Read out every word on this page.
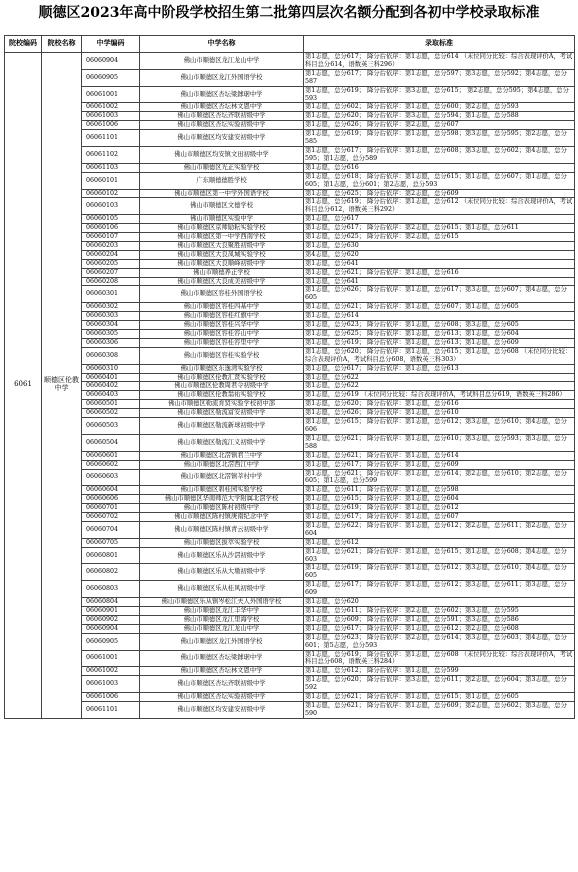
顺德区2023年高中阶段学校招生第二批第四层次名额分配到各初中学校录取标准
院校编码	院校名称	中学编码	中学名称	录取标准
6061	顺德区伦教中学	06060904	佛山市顺德区龙江龙山中学	第1志愿，总分617； 降分后依序：第1志愿，总分614 （末位同分比较：综合表现评价A，考试科目总分614，语数英三科296）
		06060905	佛山市顺德区龙江外国语学校	第1志愿，总分617； 降分后依序：第1志愿，总分597；第3志愿，总分592；第4志愿，总分587
		06061001	佛山市顺德区杏坛梁銶琚中学	第1志愿，总分619； 降分后依序：第3志愿，总分615； 第2志愿，总分595；第4志愿，总分593
		06061002	佛山市顺德区杏坛林文恩中学	第1志愿，总分602； 降分后依序：第1志愿，总分600；第2志愿，总分593
		06061003	佛山市顺德区杏坛齐联初级中学	第1志愿，总分620； 降分后依序：第3志愿，总分594；第1志愿，总分588
		06061006	佛山市顺德区杏坛实验初级中学	第1志愿，总分626； 降分后依序：第2志愿，总分607
		06061101	佛山市顺德区均安建安初级中学	第1志愿，总分619； 降分后依序：第1志愿，总分598；第3志愿，总分595；第2志愿，总分585
		06061102	佛山市顺德区均安镇文田初级中学	第1志愿，总分617； 降分后依序：第1志愿，总分608；第3志愿，总分602；第4志愿，总分595；第1志愿，总分589
		06061103	佛山市顺德区光正实验学校	第1志愿，总分616
		06060101	广东顺德德胜学校	第1志愿，总分618； 降分后依序：第1志愿，总分615；第1志愿，总分607；第1志愿，总分605；第1志愿，总分601；第2志愿，总分593
		06060102	佛山市顺德区第一中学外国语学校	第1志愿，总分625； 降分后依序：第2志愿，总分609
		06060103	佛山市顺德区文德学校	第1志愿，总分619； 降分后依序：第1志愿，总分612 （末位同分比较：综合表现评价A，考试科目总分612，语数英三科292）
		06060105	佛山市顺德区实验中学	第1志愿，总分617
		06060106	佛山市顺德区京师励耘实验学校	第1志愿，总分617； 降分后依序：第2志愿，总分615；第1志愿，总分611
		06060107	佛山市顺德区第一中学西南学校	第1志愿，总分625； 降分后依序：第2志愿，总分615
		06060203	佛山市顺德区大良聚胜初级中学	第1志愿，总分630
		06060204	佛山市顺德区大良凤城实验学校	第4志愿，总分620
		06060205	佛山市顺德区大良顺峰初级中学	第1志愿，总分641
		06060207	佛山市顺德养正学校	第1志愿，总分621； 降分后依序：第1志愿，总分616
		06060208	佛山市顺德区大良成美初级中学	第1志愿，总分641
		06060301	佛山市顺德区容桂外国语学校	第1志愿，总分626； 降分后依序：第1志愿，总分617；第3志愿，总分607；第4志愿，总分605
		06060302	佛山市顺德区容桂四基中学	第1志愿，总分621； 降分后依序：第1志愿，总分607；第1志愿，总分605
		06060303	佛山市顺德区容桂红旗中学	第1志愿，总分614
		06060304	佛山市顺德区容桂兴华中学	第1志愿，总分623； 降分后依序：第1志愿，总分608；第3志愿，总分605
		06060305	佛山市顺德区容桂容山中学	第1志愿，总分625； 降分后依序：第1志愿，总分613；第1志愿，总分604
		06060306	佛山市顺德区容桂容里中学	第1志愿，总分619； 降分后依序：第1志愿，总分613；第1志愿，总分609
		06060308	佛山市顺德区容桂实验学校	第1志愿，总分620； 降分后依序：第1志愿，总分615；第1志愿，总分608 （末位同分比较：综合表现评价A，考试科目总分608，语数英三科303）
		06060310	佛山市顺德区东逸湾实验学校	第1志愿，总分617； 降分后依序：第1志愿，总分613
		06060401	佛山市顺德区伦教汇贤实验学校	第1志愿，总分622
		06060402	佛山市顺德区伦教周君令初级中学	第1志愿，总分622
		06060403	佛山市顺德区伦教翁祐实验学校	第1志愿，总分619 （末位同分比较：综合表现评价A，考试科目总分619，语数英三科286）
		06060501	佛山市顺德区勒流育贤实验学校初中部	第1志愿，总分620； 降分后依序：第1志愿，总分616
		06060502	佛山市顺德区勒流富安初级中学	第1志愿，总分626； 降分后依序：第1志愿，总分610
		06060503	佛山市顺德区勒流新球初级中学	第1志愿，总分615； 降分后依序：第1志愿，总分612；第3志愿，总分610；第4志愿，总分606
		06060504	佛山市顺德区勒流江义初级中学	第1志愿，总分621； 降分后依序：第1志愿，总分610；第3志愿，总分593；第3志愿，总分588
		06060601	佛山市顺德区北滘镇君兰中学	第1志愿，总分621； 降分后依序：第1志愿，总分614
		06060602	佛山市顺德区北滘西江中学	第1志愿，总分617； 降分后依序：第1志愿，总分609
		06060603	佛山市顺德区北滘镇莘村中学	第1志愿，总分621； 降分后依序：第1志愿，总分614；第2志愿，总分610；第2志愿，总分605；第1志愿，总分599
		06060604	佛山市顺德区碧桂园实验学校	第1志愿，总分611； 降分后依序：第1志愿，总分598
		06060606	佛山市顺德区华南师范大学附属北滘学校	第1志愿，总分615； 降分后依序：第1志愿，总分604
		06060701	佛山市顺德区陈村初级中学	第1志愿，总分619； 降分后依序：第1志愿，总分612
		06060702	佛山市顺德区陈村镇庚南纪念中学	第1志愿，总分617； 降分后依序：第1志愿，总分607
		06060704	佛山市顺德区陈村镇青云初级中学	第1志愿，总分622； 降分后依序：第1志愿，总分612；第2志愿，总分611；第2志愿，总分604
		06060705	佛山市顺德区拔萃实验学校	第1志愿，总分612
		06060801	佛山市顺德区乐从沙滘初级中学	第1志愿，总分621； 降分后依序：第1志愿，总分615；第1志愿，总分608；第4志愿，总分603
		06060802	佛山市顺德区乐从大墩初级中学	第1志愿，总分619； 降分后依序：第1志愿，总分612；第3志愿，总分610；第4志愿，总分605
		06060803	佛山市顺德区乐从桂风初级中学	第1志愿，总分617； 降分后依序：第1志愿，总分612；第3志愿，总分611；第3志愿，总分609
		06060804	佛山市顺德区乐从镇岑松江夫人外国语学校	第1志愿，总分620
		06060901	佛山市顺德区龙江丰华中学	第1志愿，总分611； 降分后依序：第2志愿，总分602；第3志愿，总分595
		06060902	佛山市顺德区龙江里海学校	第1志愿，总分609； 降分后依序：第1志愿，总分591；第3志愿，总分586
		06060904	佛山市顺德区龙江龙山中学	第1志愿，总分617； 降分后依序：第1志愿，总分612；第2志愿，总分608
		06060905	佛山市顺德区龙江外国语学校	第1志愿，总分623； 降分后依序：第2志愿，总分614；第3志愿，总分603；第4志愿，总分601；第5志愿，总分593
		06061001	佛山市顺德区杏坛梁銶琚中学	第1志愿，总分619； 降分后依序：第1志愿，总分608 （末位同分比较：综合表现评价A，考试科目总分608，语数英三科284）
		06061002	佛山市顺德区杏坛林文恩中学	第1志愿，总分612； 降分后依序：第1志愿，总分599
		06061003	佛山市顺德区杏坛齐联初级中学	第1志愿，总分620； 降分后依序：第3志愿，总分611；第2志愿，总分604；第3志愿，总分592
		06061006	佛山市顺德区杏坛实验初级中学	第1志愿，总分621； 降分后依序：第1志愿，总分615；第1志愿，总分605
		06061101	佛山市顺德区均安建安初级中学	第1志愿，总分621； 降分后依序：第1志愿，总分609；第2志愿，总分602；第3志愿，总分590
